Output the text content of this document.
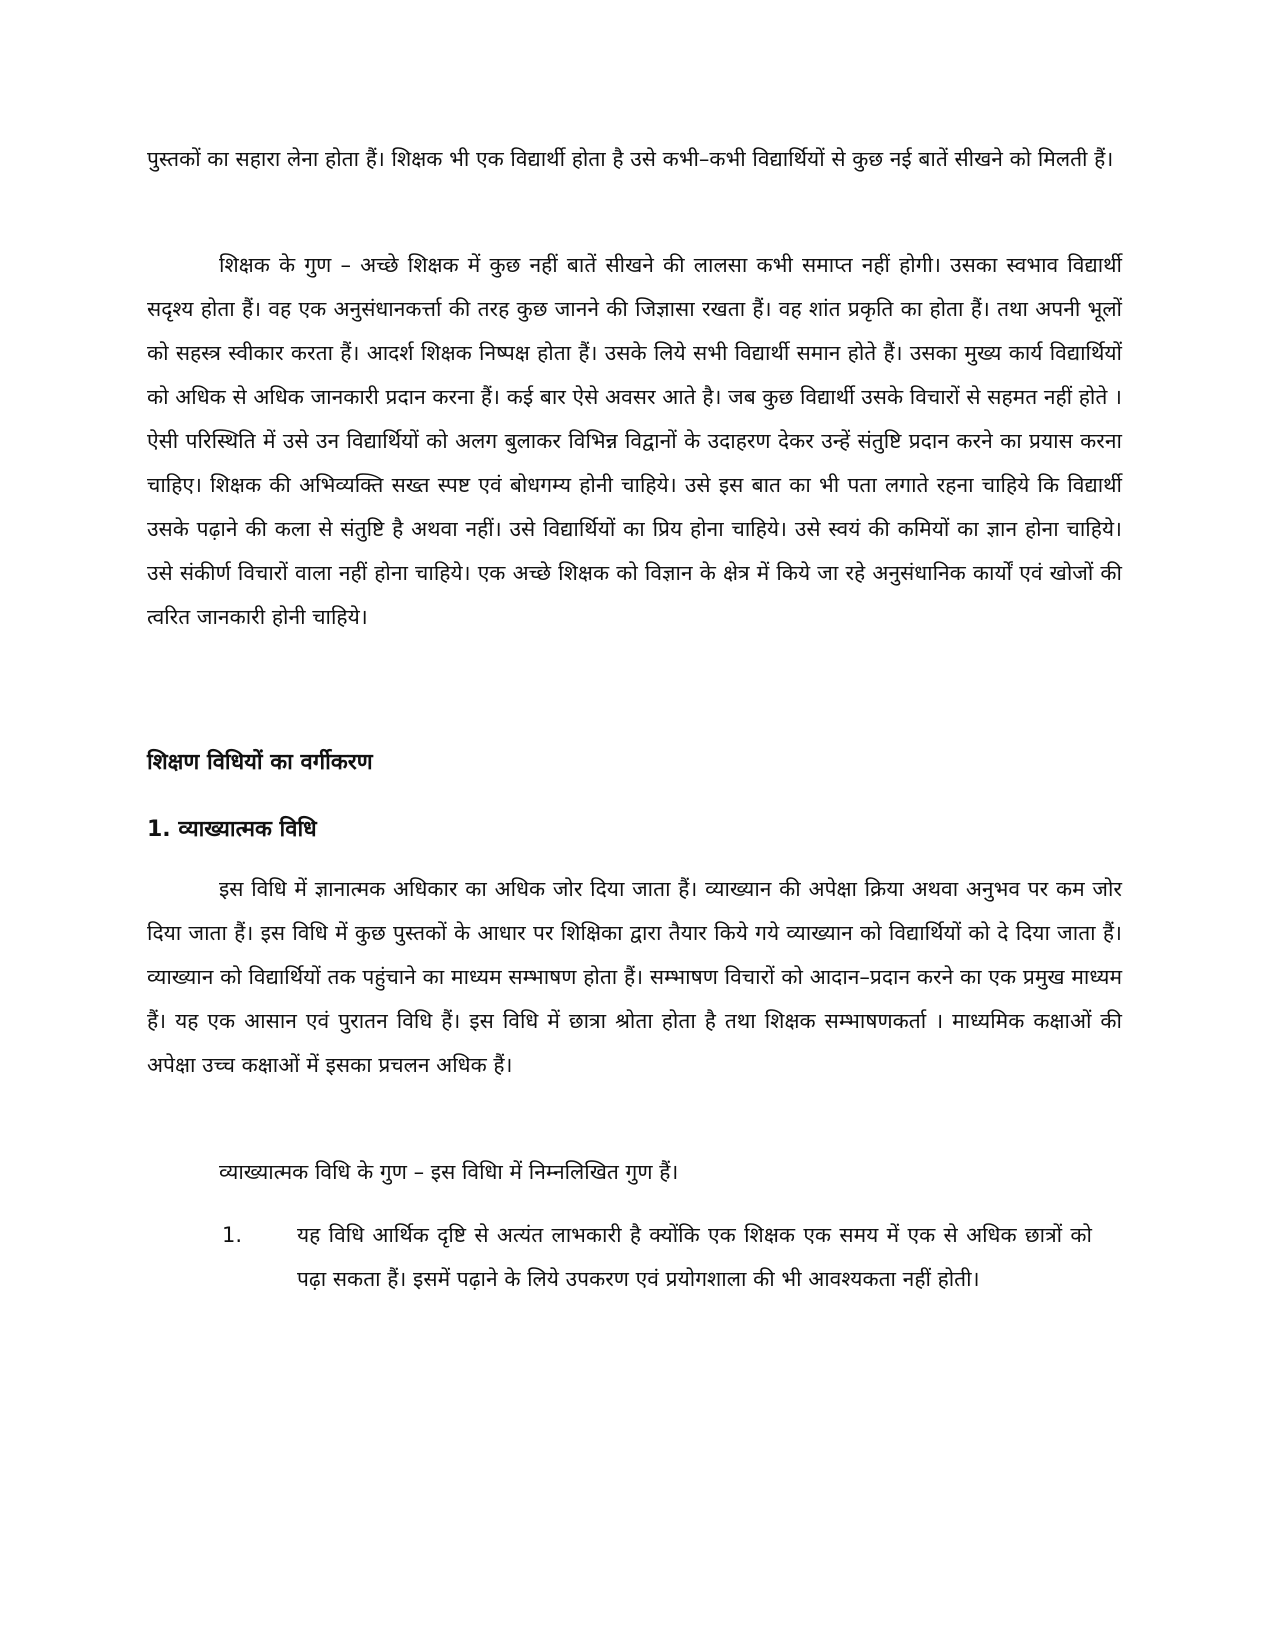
पुस्तकों का सहारा लेना होता हैं। शिक्षक भी एक विद्यार्थी होता है उसे कभी–कभी विद्यार्थियों से कुछ नई बातें सीखने को मिलती हैं।

शिक्षक के गुण – अच्छे शिक्षक में कुछ नहीं बातें सीखने की लालसा कभी समाप्त नहीं होगी। उसका स्वभाव विद्यार्थी सदृश्य होता हैं। वह एक अनुसंधानकर्त्ता की तरह कुछ जानने की जिज्ञासा रखता हैं। वह शांत प्रकृति का होता हैं। तथा अपनी भूलों को सहस्त्र स्वीकार करता हैं। आदर्श शिक्षक निष्पक्ष होता हैं। उसके लिये सभी विद्यार्थी समान होते हैं। उसका मुख्य कार्य विद्यार्थियों को अधिक से अधिक जानकारी प्रदान करना हैं। कई बार ऐसे अवसर आते है। जब कुछ विद्यार्थी उसके विचारों से सहमत नहीं होते । ऐसी परिस्थिति में उसे उन विद्यार्थियों को अलग बुलाकर विभिन्न विद्वानों के उदाहरण देकर उन्हें संतुष्टि प्रदान करने का प्रयास करना चाहिए। शिक्षक की अभिव्यक्ति सख्त स्पष्ट एवं बोधगम्य होनी चाहिये। उसे इस बात का भी पता लगाते रहना चाहिये कि विद्यार्थी उसके पढ़ाने की कला से संतुष्टि है अथवा नहीं। उसे विद्यार्थियों का प्रिय होना चाहिये। उसे स्वयं की कमियों का ज्ञान होना चाहिये। उसे संकीर्ण विचारों वाला नहीं होना चाहिये। एक अच्छे शिक्षक को विज्ञान के क्षेत्र में किये जा रहे अनुसंधानिक कार्यों एवं खोजों की त्वरित जानकारी होनी चाहिये।

शिक्षण विधियों का वर्गीकरण
1. व्याख्यात्मक विधि

इस विधि में ज्ञानात्मक अधिकार का अधिक जोर दिया जाता हैं। व्याख्यान की अपेक्षा क्रिया अथवा अनुभव पर कम जोर दिया जाता हैं। इस विधि में कुछ पुस्तकों के आधार पर शिक्षिका द्वारा तैयार किये गये व्याख्यान को विद्यार्थियों को दे दिया जाता हैं। व्याख्यान को विद्यार्थियों तक पहुंचाने का माध्यम सम्भाषण होता हैं। सम्भाषण विचारों को आदान–प्रदान करने का एक प्रमुख माध्यम हैं। यह एक आसान एवं पुरातन विधि हैं। इस विधि में छात्रा श्रोता होता है तथा शिक्षक सम्भाषणकर्ता । माध्यमिक कक्षाओं की अपेक्षा उच्च कक्षाओं में इसका प्रचलन अधिक हैं।

व्याख्यात्मक विधि के गुण – इस विधिा में निम्नलिखित गुण हैं।

1.	यह विधि आर्थिक दृष्टि से अत्यंत लाभकारी है क्योंकि एक शिक्षक एक समय में एक से अधिक छात्रों को पढ़ा सकता हैं। इसमें पढ़ाने के लिये उपकरण एवं प्रयोगशाला की भी आवश्यकता नहीं होती।
